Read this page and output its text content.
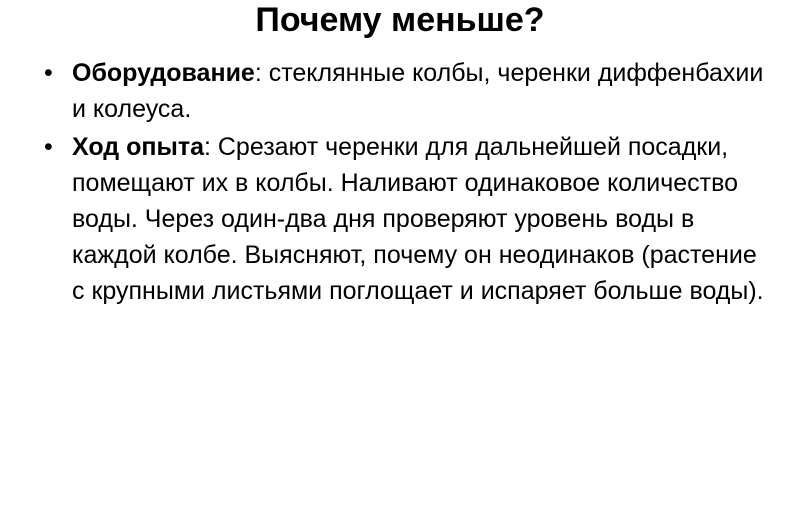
Почему меньше?
• Оборудование: стеклянные колбы, черенки диффенбахии и колеуса.
• Ход опыта: Срезают черенки для дальнейшей посадки, помещают их в колбы. Наливают одинаковое количество воды. Через один-два дня проверяют уровень воды в каждой колбе. Выясняют, почему он неодинаков (растение с крупными листьями поглощает и испаряет больше воды).
